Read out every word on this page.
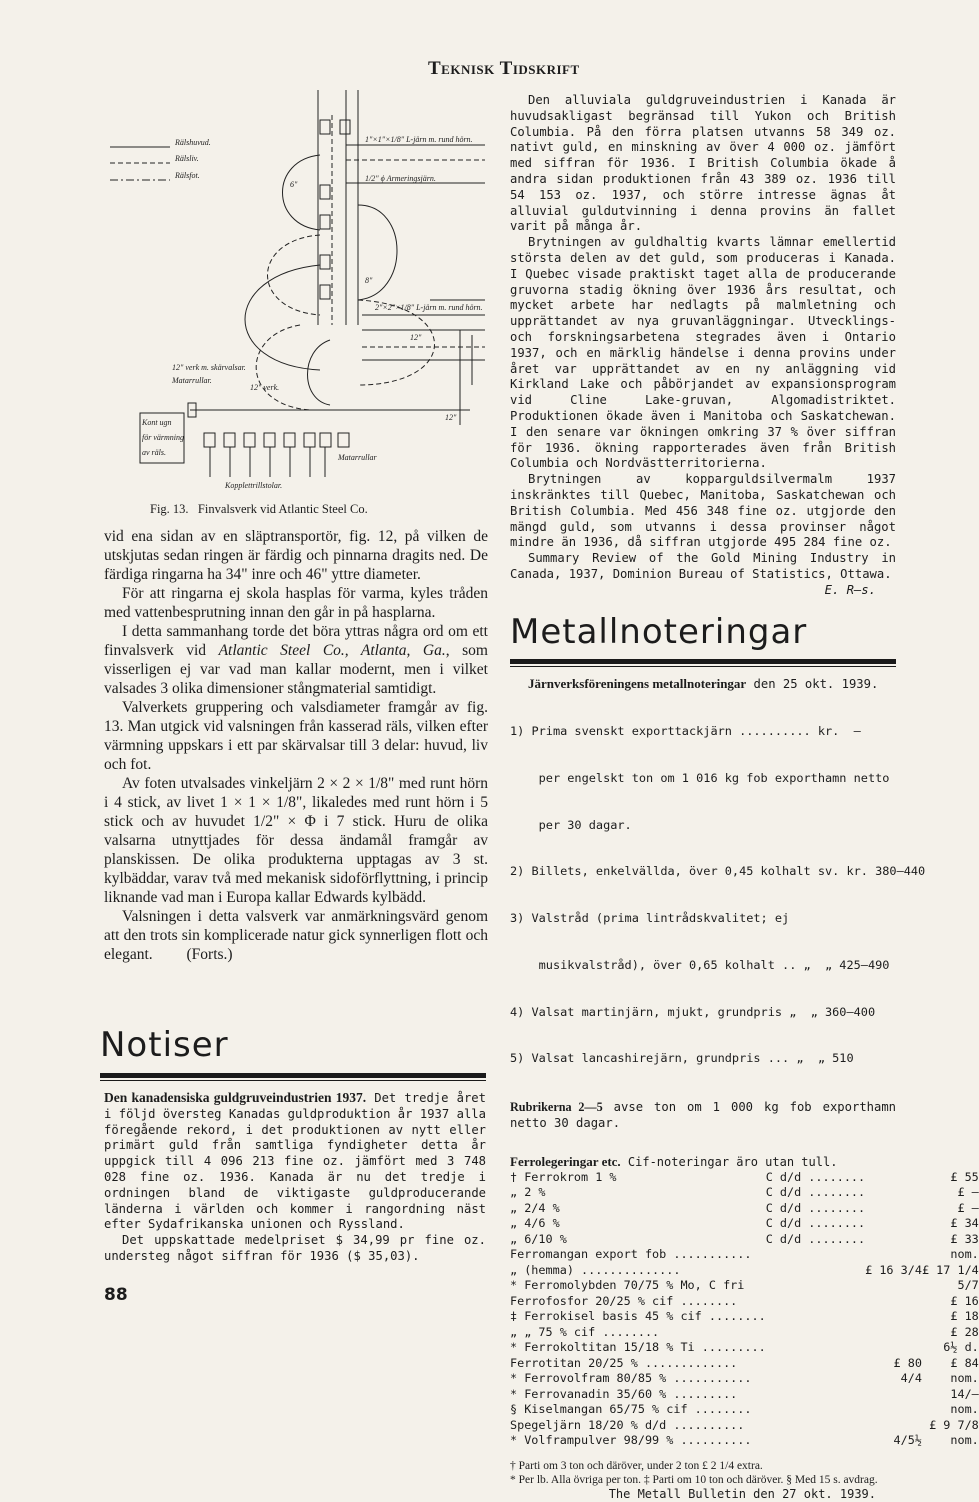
Teknisk Tidskrift
Rälshuvud.
Rälsliv.
Rälsfot.
1"×1"×1/8" L-järn m. rund hörn.
1/2" ϕ Armeringsjärn.
6"
8"
2"×2"×1/8" L-järn m. rund hörn.
12"
12"
12" verk m. skärvalsar.
Matarrullar.
12" verk.
Kopplettrillstolar.
Matarrullar
Kont ugn
för värmning
av räls.
Fig. 13.   Finvalsverk vid Atlantic Steel Co.

vid ena sidan av en släptransportör, fig. 12, på vilken de utskjutas sedan ringen är färdig och pinnarna dragits ned. De färdiga ringarna ha 34" inre och 46" yttre diameter.

För att ringarna ej skola hasplas för varma, kyles tråden med vattenbesprutning innan den går in på hasplarna.

I detta sammanhang torde det böra yttras några ord om ett finvalsverk vid Atlantic Steel Co., Atlanta, Ga., som visserligen ej var vad man kallar modernt, men i vilket valsades 3 olika dimensioner stångmaterial samtidigt.

Valverkets gruppering och valsdiameter framgår av fig. 13. Man utgick vid valsningen från kasserad räls, vilken efter värmning uppskars i ett par skärvalsar till 3 delar: huvud, liv och fot.

Av foten utvalsades vinkeljärn 2 × 2 × 1/8" med runt hörn i 4 stick, av livet 1 × 1 × 1/8", likaledes med runt hörn i 5 stick och av huvudet 1/2" × Φ i 7 stick. Huru de olika valsarna utnyttjades för dessa ändamål framgår av planskissen. De olika produkterna upptagas av 3 st. kylbäddar, varav två med mekanisk sidoförflyttning, i princip liknande vad man i Europa kallar Edwards kylbädd.

Valsningen i detta valsverk var anmärkningsvärd genom att den trots sin komplicerade natur gick synnerligen flott och elegant. (Forts.)

Notiser

Den kanadensiska guldgruveindustrien 1937. Det tredje året i följd översteg Kanadas guldproduktion år 1937 alla föregående rekord, i det produktionen av nytt eller primärt guld från samtliga fyndigheter detta år uppgick till 4 096 213 fine oz. jämfört med 3 748 028 fine oz. 1936. Kanada är nu det tredje i ordningen bland de viktigaste guldproducerande länderna i världen och kommer i rangordning näst efter Sydafrikanska unionen och Ryssland.

Det uppskattade medelpriset $ 34,99 pr fine oz. understeg något siffran för 1936 ($ 35,03).

88

Den alluviala guldgruveindustrien i Kanada är huvudsakligast begränsad till Yukon och British Columbia. På den förra platsen utvanns 58 349 oz. nativt guld, en minskning av över 4 000 oz. jämfört med siffran för 1936. I British Columbia ökade å andra sidan produktionen från 43 389 oz. 1936 till 54 153 oz. 1937, och större intresse ägnas åt alluvial guldutvinning i denna provins än fallet varit på många år.

Brytningen av guldhaltig kvarts lämnar emellertid största delen av det guld, som produceras i Kanada. I Quebec visade praktiskt taget alla de producerande gruvorna stadig ökning över 1936 års resultat, och mycket arbete har nedlagts på malmletning och upprättandet av nya gruvanläggningar. Utvecklings- och forskningsarbetena stegrades även i Ontario 1937, och en märklig händelse i denna provins under året var upprättandet av en ny anläggning vid Kirkland Lake och påbörjandet av expansionsprogram vid Cline Lake-gruvan, Algomadistriktet. Produktionen ökade även i Manitoba och Saskatchewan. I den senare var ökningen omkring 37 % över siffran för 1936. ökning rapporterades även från British Columbia och Nordvästterritorierna.

Brytningen av kopparguldsilvermalm 1937 inskränktes till Quebec, Manitoba, Saskatchewan och British Columbia. Med 456 348 fine oz. utgjorde den mängd guld, som utvanns i dessa provinser något mindre än 1936, då siffran utgjorde 495 284 fine oz.

Summary Review of the Gold Mining Industry in Canada, 1937, Dominion Bureau of Statistics, Ottawa.

E. R—s.

Metallnoteringar

Järnverksföreningens metallnoteringar den 25 okt. 1939.

1) Prima svenskt exporttackjärn .......... kr.  —

per engelskt ton om 1 016 kg fob exporthamn netto

per 30 dagar.

2) Billets, enkelvällda, över 0,45 kolhalt sv. kr. 380—440

3) Valstråd (prima lintrådskvalitet; ej

musikvalstråd), över 0,65 kolhalt .. „  „ 425—490

4) Valsat martinjärn, mjukt, grundpris „  „ 360—400

5) Valsat lancashirejärn, grundpris ... „  „ 510

Rubrikerna 2—5 avse ton om 1 000 kg fob exporthamn netto 30 dagar.

Ferrolegeringar etc. Cif-noteringar äro utan tull.
† Ferrokrom 1 %	C d/d ........		£ 55
„ 2 %	C d/d ........		£ —
„ 2/4 %	C d/d ........		£ —
„ 4/6 %	C d/d ........		£ 34
„ 6/10 %	C d/d ........		£ 33
Ferromangan export fob ...........			nom.
„ (hemma) ..............		£ 16 3/4	£ 17 1/4
* Ferromolybden 70/75 % Mo, C fri			5/7
Ferrofosfor 20/25 % cif ........			£ 16
‡ Ferrokisel basis 45 % cif ........			£ 18
„ „ 75 % cif ........			£ 28
* Ferrokoltitan 15/18 % Ti .........			6½ d.
Ferrotitan 20/25 % .............		£ 80	£ 84
* Ferrovolfram 80/85 % ...........		4/4	nom.
* Ferrovanadin 35/60 % .........			14/—
§ Kiselmangan 65/75 % cif ........			nom.
Spegeljärn 18/20 % d/d ..........			£ 9 7/8
* Volframpulver 98/99 % ..........		4/5½	nom.
† Parti om 3 ton och däröver, under 2 ton £ 2 1/4 extra.
* Per lb. Alla övriga per ton. ‡ Parti om 10 ton och däröver. § Med 15 s. avdrag.
The Metall Bulletin den 27 okt. 1939.
